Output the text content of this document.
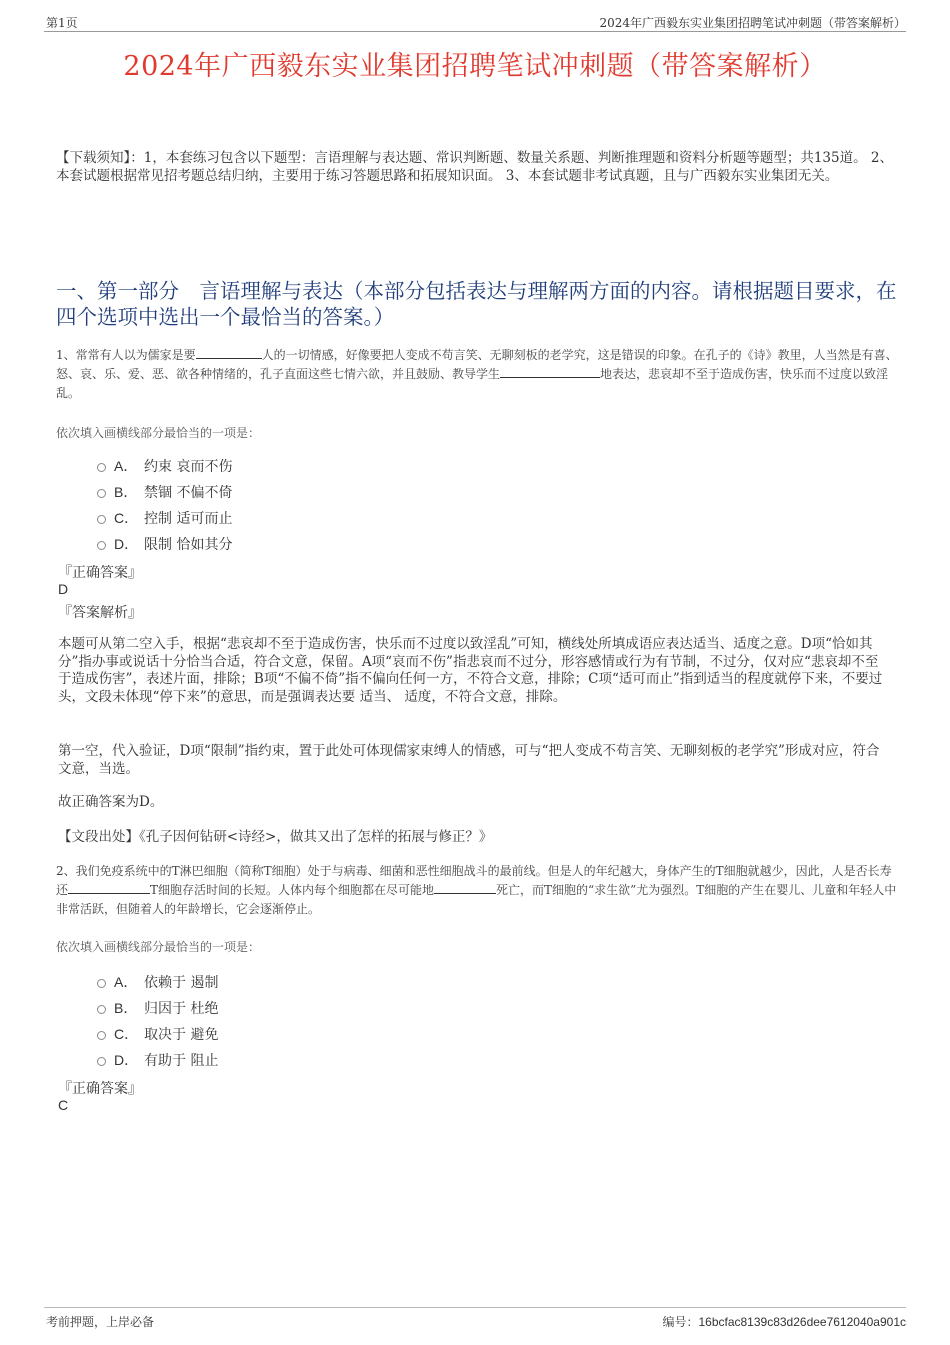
第1页	2024年广西毅东实业集团招聘笔试冲刺题（带答案解析）
2024年广西毅东实业集团招聘笔试冲刺题（带答案解析）
【下载须知】：1，本套练习包含以下题型：言语理解与表达题、常识判断题、数量关系题、判断推理题和资料分析题等题型；共135道。 2、本套试题根据常见招考题总结归纳，主要用于练习答题思路和拓展知识面。 3、本套试题非考试真题，且与广西毅东实业集团无关。
一、第一部分　言语理解与表达（本部分包括表达与理解两方面的内容。请根据题目要求，在四个选项中选出一个最恰当的答案。）
1、常常有人以为儒家是要	人的一切情感，好像要把人变成不苟言笑、无聊刻板的老学究，这是错误的印象。在孔子的《诗》教里，人当然是有喜、怒、哀、乐、爱、恶、欲各种情绪的，孔子直面这些七情六欲，并且鼓励、教导学生	地表达，悲哀却不至于造成伤害，快乐而不过度以致淫乱。
依次填入画横线部分最恰当的一项是：
A． 约束 哀而不伤
B． 禁锢 不偏不倚
C． 控制 适可而止
D． 限制 恰如其分
『正确答案』
D
『答案解析』
本题可从第二空入手，根据“悲哀却不至于造成伤害，快乐而不过度以致淫乱”可知，横线处所填成语应表达适当、适度之意。D项“恰如其分”指办事或说话十分恰当合适，符合文意，保留。A项“哀而不伤”指悲哀而不过分，形容感情或行为有节制，不过分，仅对应“悲哀却不至于造成伤害”，表述片面，排除；B项“不偏不倚”指不偏向任何一方，不符合文意，排除；C项“适可而止”指到适当的程度就停下来，不要过头，文段未体现“停下来”的意思，而是强调表达要 适当、 适度，不符合文意，排除。
第一空，代入验证，D项“限制”指约束，置于此处可体现儒家束缚人的情感，可与“把人变成不苟言笑、无聊刻板的老学究”形成对应，符合文意，当选。
故正确答案为D。
【文段出处】《孔子因何钻研<诗经>，做其又出了怎样的拓展与修正？》
2、我们免疫系统中的T淋巴细胞（简称T细胞）处于与病毒、细菌和恶性细胞战斗的最前线。但是人的年纪越大，身体产生的T细胞就越少，因此，人是否长寿还	T细胞存活时间的长短。人体内每个细胞都在尽可能地	死亡，而T细胞的“求生欲”尤为强烈。T细胞的产生在婴儿、儿童和年轻人中非常活跃，但随着人的年龄增长，它会逐渐停止。
依次填入画横线部分最恰当的一项是：
A． 依赖于 遏制
B． 归因于 杜绝
C． 取决于 避免
D． 有助于 阻止
『正确答案』
C
考前押题，上岸必备	编号：16bcfac8139c83d26dee7612040a901c
